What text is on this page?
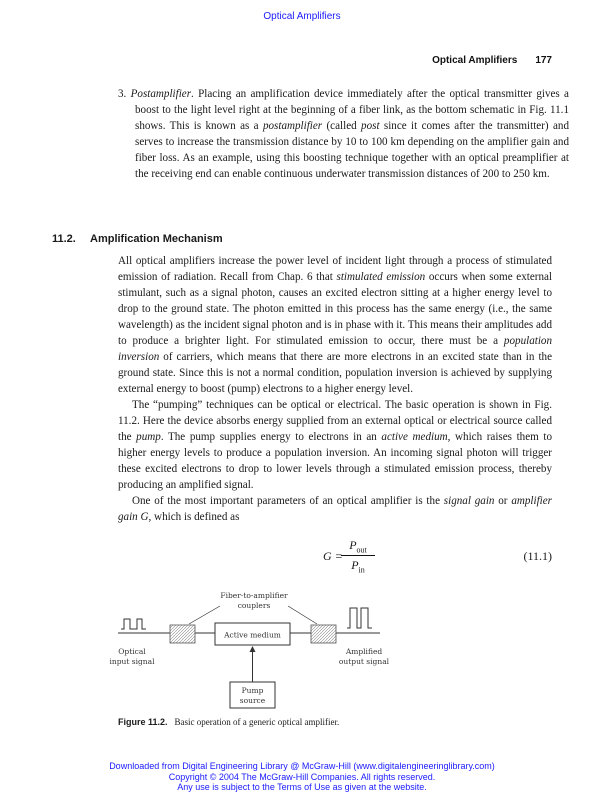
Optical Amplifiers
Optical Amplifiers 177
3. Postamplifier. Placing an amplification device immediately after the optical transmitter gives a boost to the light level right at the beginning of a fiber link, as the bottom schematic in Fig. 11.1 shows. This is known as a postamplifier (called post since it comes after the transmitter) and serves to increase the transmission distance by 10 to 100 km depending on the amplifier gain and fiber loss. As an example, using this boosting technique together with an optical preamplifier at the receiving end can enable continuous underwater transmission distances of 200 to 250 km.
11.2. Amplification Mechanism

All optical amplifiers increase the power level of incident light through a process of stimulated emission of radiation. Recall from Chap. 6 that stimulated emission occurs when some external stimulant, such as a signal photon, causes an excited electron sitting at a higher energy level to drop to the ground state. The photon emitted in this process has the same energy (i.e., the same wavelength) as the incident signal photon and is in phase with it. This means their amplitudes add to produce a brighter light. For stimulated emission to occur, there must be a population inversion of carriers, which means that there are more electrons in an excited state than in the ground state. Since this is not a normal condition, population inversion is achieved by supplying external energy to boost (pump) electrons to a higher energy level.

The “pumping” techniques can be optical or electrical. The basic operation is shown in Fig. 11.2. Here the device absorbs energy supplied from an external optical or electrical source called the pump. The pump supplies energy to electrons in an active medium, which raises them to higher energy levels to produce a population inversion. An incoming signal photon will trigger these excited electrons to drop to lower levels through a stimulated emission process, thereby producing an amplified signal.

One of the most important parameters of an optical amplifier is the signal gain or amplifier gain G, which is defined as

G =
$P_{out}$
$P_{in}$
(11.1)
Active medium
Fiber-to-amplifier
couplers
Optical
input signal
Amplified
output signal
Pump
source
Figure 11.2. Basic operation of a generic optical amplifier.
Downloaded from Digital Engineering Library @ McGraw-Hill (www.digitalengineeringlibrary.com)
Copyright © 2004 The McGraw-Hill Companies. All rights reserved.
Any use is subject to the Terms of Use as given at the website.
